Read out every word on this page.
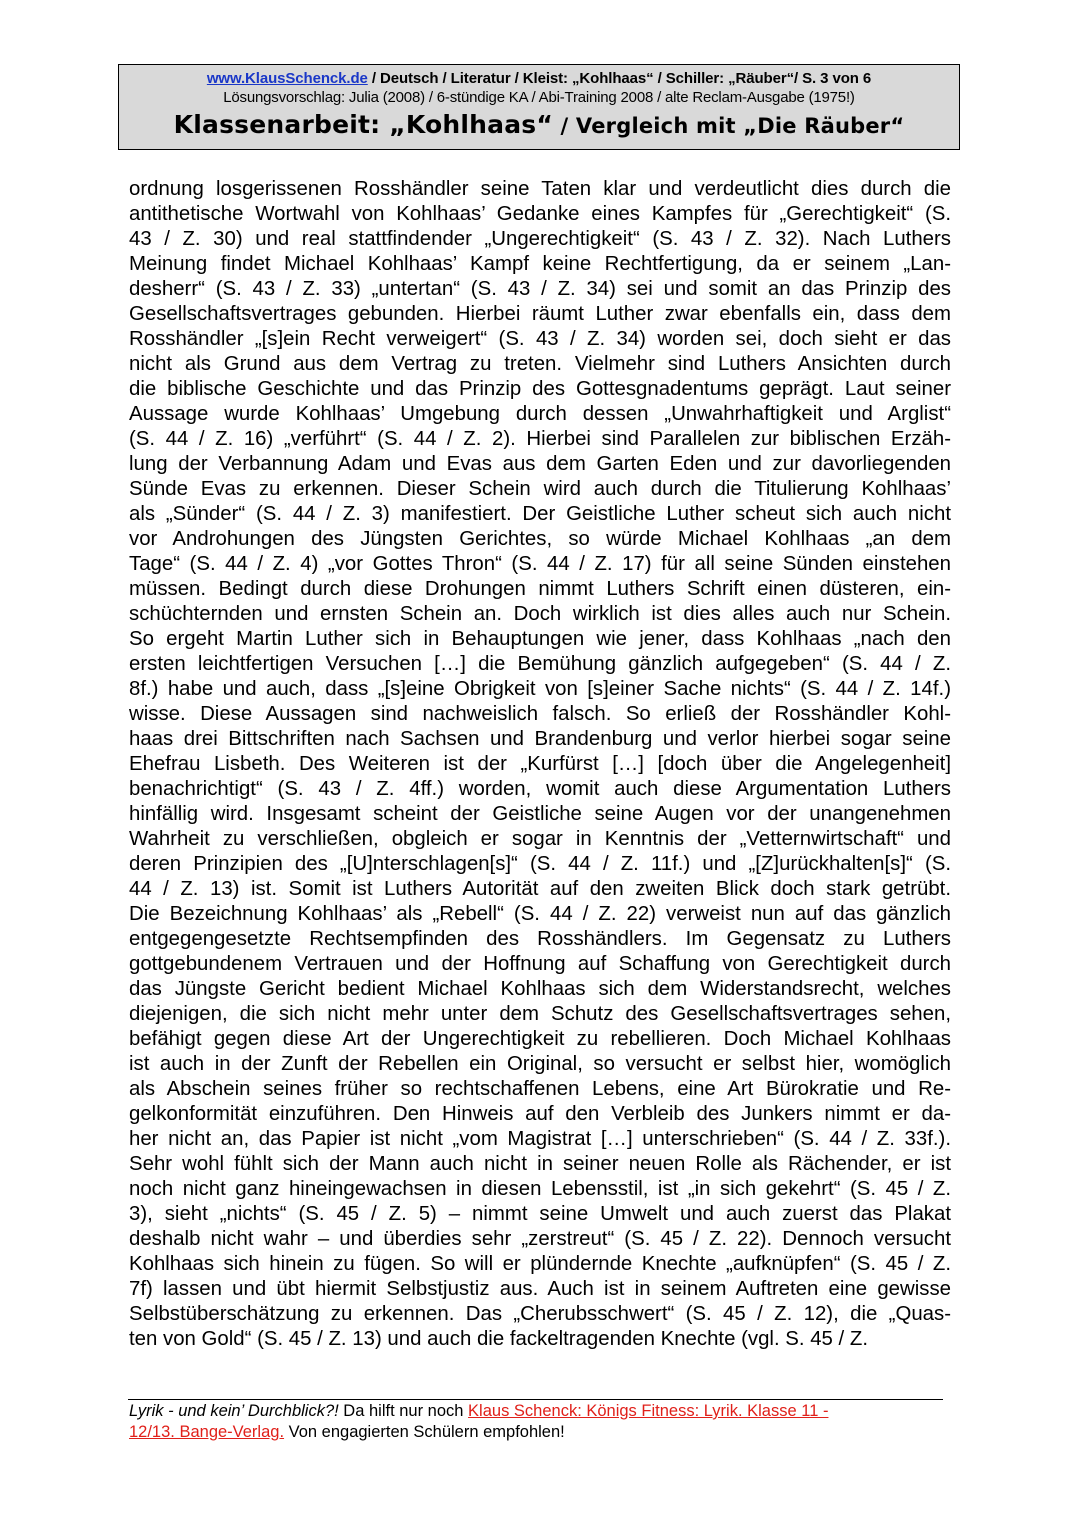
www.KlausSchenck.de / Deutsch / Literatur / Kleist: „Kohlhaas“ / Schiller: „Räuber“/ S. 3 von 6
Lösungsvorschlag: Julia (2008) / 6-stündige KA / Abi-Training 2008 / alte Reclam-Ausgabe (1975!)
Klassenarbeit: „Kohlhaas“ / Vergleich mit „Die Räuber“
ordnung losgerissenen Rosshändler seine Taten klar und verdeutlicht dies durch die
antithetische Wortwahl von Kohlhaas’ Gedanke eines Kampfes für „Gerechtigkeit“ (S.
43 / Z. 30) und real stattfindender „Ungerechtigkeit“ (S. 43 / Z. 32). Nach Luthers
Meinung findet Michael Kohlhaas’ Kampf keine Rechtfertigung, da er seinem „Lan-
desherr“ (S. 43 / Z. 33) „untertan“ (S. 43 / Z. 34) sei und somit an das Prinzip des
Gesellschaftsvertrages gebunden. Hierbei räumt Luther zwar ebenfalls ein, dass dem
Rosshändler „[s]ein Recht verweigert“ (S. 43 / Z. 34) worden sei, doch sieht er das
nicht als Grund aus dem Vertrag zu treten. Vielmehr sind Luthers Ansichten durch
die biblische Geschichte und das Prinzip des Gottesgnadentums geprägt. Laut seiner
Aussage wurde Kohlhaas’ Umgebung durch dessen „Unwahrhaftigkeit und Arglist“
(S. 44 / Z. 16) „verführt“ (S. 44 / Z. 2). Hierbei sind Parallelen zur biblischen Erzäh-
lung der Verbannung Adam und Evas aus dem Garten Eden und zur davorliegenden
Sünde Evas zu erkennen. Dieser Schein wird auch durch die Titulierung Kohlhaas’
als „Sünder“ (S. 44 / Z. 3) manifestiert. Der Geistliche Luther scheut sich auch nicht
vor Androhungen des Jüngsten Gerichtes, so würde Michael Kohlhaas „an dem
Tage“ (S. 44 / Z. 4) „vor Gottes Thron“ (S. 44 / Z. 17) für all seine Sünden einstehen
müssen. Bedingt durch diese Drohungen nimmt Luthers Schrift einen düsteren, ein-
schüchternden und ernsten Schein an. Doch wirklich ist dies alles auch nur Schein.
So ergeht Martin Luther sich in Behauptungen wie jener, dass Kohlhaas „nach den
ersten leichtfertigen Versuchen […] die Bemühung gänzlich aufgegeben“ (S. 44 / Z.
8f.) habe und auch, dass „[s]eine Obrigkeit von [s]einer Sache nichts“ (S. 44 / Z. 14f.)
wisse. Diese Aussagen sind nachweislich falsch. So erließ der Rosshändler Kohl-
haas drei Bittschriften nach Sachsen und Brandenburg und verlor hierbei sogar seine
Ehefrau Lisbeth. Des Weiteren ist der „Kurfürst […] [doch über die Angelegenheit]
benachrichtigt“ (S. 43 / Z. 4ff.) worden, womit auch diese Argumentation Luthers
hinfällig wird. Insgesamt scheint der Geistliche seine Augen vor der unangenehmen
Wahrheit zu verschließen, obgleich er sogar in Kenntnis der „Vetternwirtschaft“ und
deren Prinzipien des „[U]nterschlagen[s]“ (S. 44 / Z. 11f.) und „[Z]urückhalten[s]“ (S.
44 / Z. 13) ist. Somit ist Luthers Autorität auf den zweiten Blick doch stark getrübt.
Die Bezeichnung Kohlhaas’ als „Rebell“ (S. 44 / Z. 22) verweist nun auf das gänzlich
entgegengesetzte Rechtsempfinden des Rosshändlers. Im Gegensatz zu Luthers
gottgebundenem Vertrauen und der Hoffnung auf Schaffung von Gerechtigkeit durch
das Jüngste Gericht bedient Michael Kohlhaas sich dem Widerstandsrecht, welches
diejenigen, die sich nicht mehr unter dem Schutz des Gesellschaftsvertrages sehen,
befähigt gegen diese Art der Ungerechtigkeit zu rebellieren. Doch Michael Kohlhaas
ist auch in der Zunft der Rebellen ein Original, so versucht er selbst hier, womöglich
als Abschein seines früher so rechtschaffenen Lebens, eine Art Bürokratie und Re-
gelkonformität einzuführen. Den Hinweis auf den Verbleib des Junkers nimmt er da-
her nicht an, das Papier ist nicht „vom Magistrat […] unterschrieben“ (S. 44 / Z. 33f.).
Sehr wohl fühlt sich der Mann auch nicht in seiner neuen Rolle als Rächender, er ist
noch nicht ganz hineingewachsen in diesen Lebensstil, ist „in sich gekehrt“ (S. 45 / Z.
3), sieht „nichts“ (S. 45 / Z. 5) – nimmt seine Umwelt und auch zuerst das Plakat
deshalb nicht wahr – und überdies sehr „zerstreut“ (S. 45 / Z. 22). Dennoch versucht
Kohlhaas sich hinein zu fügen. So will er plündernde Knechte „aufknüpfen“ (S. 45 / Z.
7f) lassen und übt hiermit Selbstjustiz aus. Auch ist in seinem Auftreten eine gewisse
Selbstüberschätzung zu erkennen. Das „Cherubsschwert“ (S. 45 / Z. 12), die „Quas-
ten von Gold“ (S. 45 / Z. 13) und auch die fackeltragenden Knechte (vgl. S. 45 / Z.
Lyrik - und kein’ Durchblick?! Da hilft nur noch Klaus Schenck: Königs Fitness: Lyrik. Klasse 11 -
12/13. Bange-Verlag. Von engagierten Schülern empfohlen!
